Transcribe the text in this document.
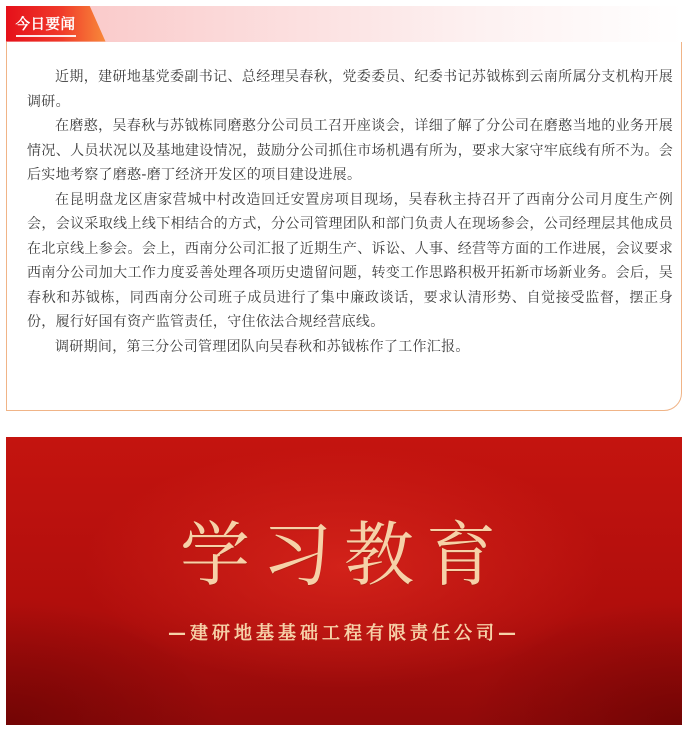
今日要闻

近期，建研地基党委副书记、总经理吴春秋，党委委员、纪委书记苏钺栋到云南所属分支机构开展调研。

在磨憨，吴春秋与苏钺栋同磨憨分公司员工召开座谈会，详细了解了分公司在磨憨当地的业务开展情况、人员状况以及基地建设情况，鼓励分公司抓住市场机遇有所为，要求大家守牢底线有所不为。会后实地考察了磨憨-磨丁经济开发区的项目建设进展。

在昆明盘龙区唐家营城中村改造回迁安置房项目现场，吴春秋主持召开了西南分公司月度生产例会，会议采取线上线下相结合的方式，分公司管理团队和部门负责人在现场参会，公司经理层其他成员在北京线上参会。会上，西南分公司汇报了近期生产、诉讼、人事、经营等方面的工作进展，会议要求西南分公司加大工作力度妥善处理各项历史遗留问题，转变工作思路积极开拓新市场新业务。会后，吴春秋和苏钺栋，同西南分公司班子成员进行了集中廉政谈话，要求认清形势、自觉接受监督，摆正身份，履行好国有资产监管责任，守住依法合规经营底线。

调研期间，第三分公司管理团队向吴春秋和苏钺栋作了工作汇报。

学习教育
—建研地基基础工程有限责任公司—
